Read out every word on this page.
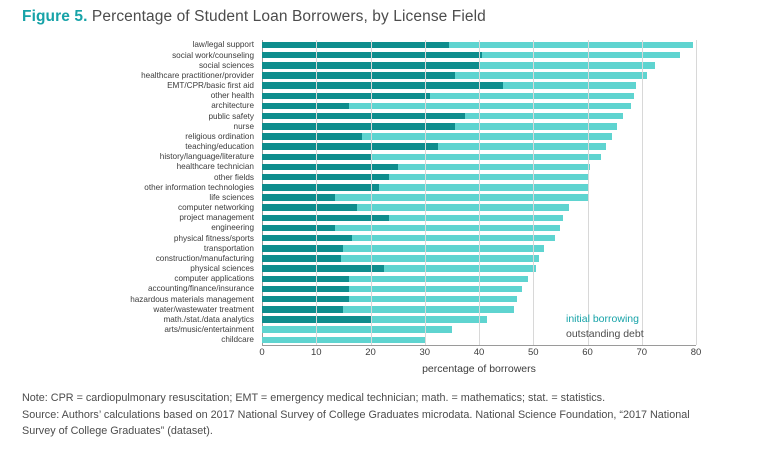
Figure 5. Percentage of Student Loan Borrowers, by License Field
law/legal support
social work/counseling
social sciences
healthcare practitioner/provider
EMT/CPR/basic first aid
other health
architecture
public safety
nurse
religious ordination
teaching/education
history/language/literature
healthcare technician
other fields
other information technologies
life sciences
computer networking
project management
engineering
physical fitness/sports
transportation
construction/manufacturing
physical sciences
computer applications
accounting/finance/insurance
hazardous materials management
water/wastewater treatment
math./stat./data analytics
arts/music/entertainment
childcare
0	10	20	30	40	50	60	70	80
percentage of borrowers
initial borrowing
outstanding debt
Note: CPR = cardiopulmonary resuscitation; EMT = emergency medical technician; math. = mathematics; stat. = statistics.
Source: Authors’ calculations based on 2017 National Survey of College Graduates microdata. National Science Foundation, “2017 National
Survey of College Graduates” (dataset).
